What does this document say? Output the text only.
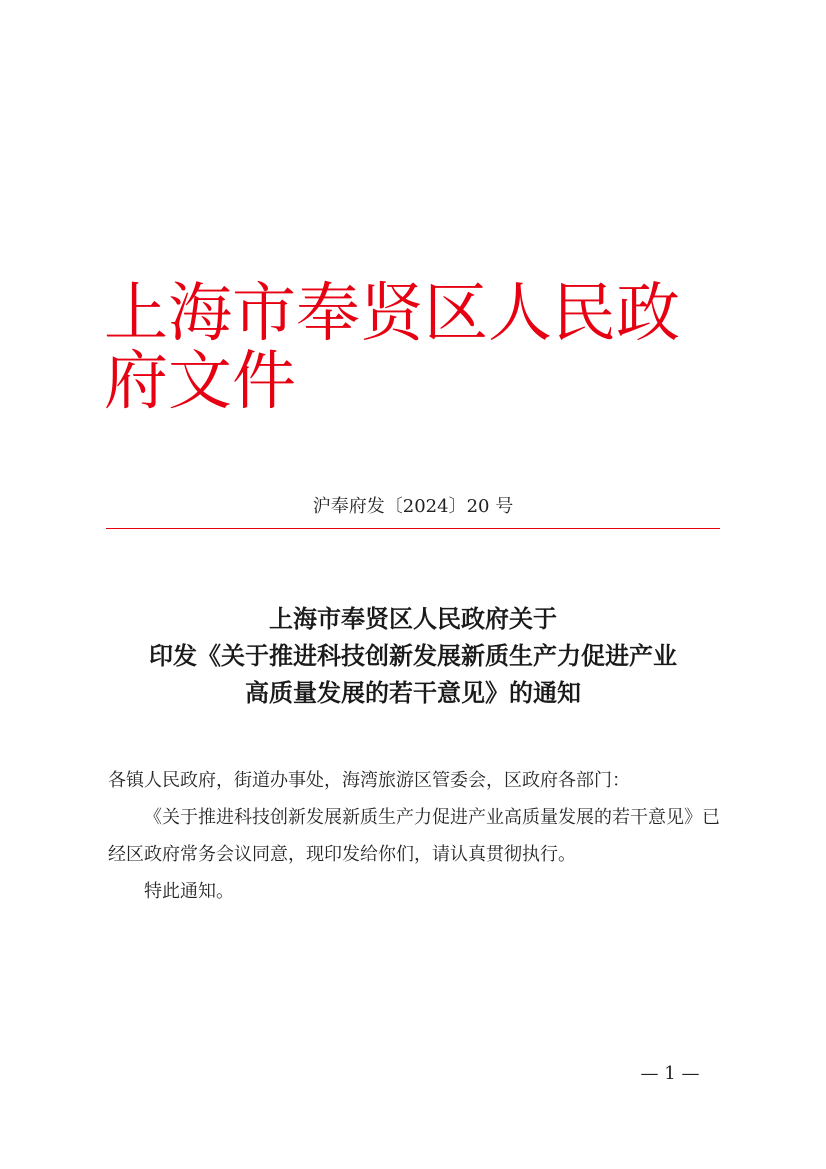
上海市奉贤区人民政府文件
沪奉府发〔2024〕20 号
上海市奉贤区人民政府关于
印发《关于推进科技创新发展新质生产力促进产业
高质量发展的若干意见》的通知

各镇人民政府，街道办事处，海湾旅游区管委会，区政府各部门：

《关于推进科技创新发展新质生产力促进产业高质量发展的若干意见》已经区政府常务会议同意，现印发给你们，请认真贯彻执行。

特此通知。

— 1 —
